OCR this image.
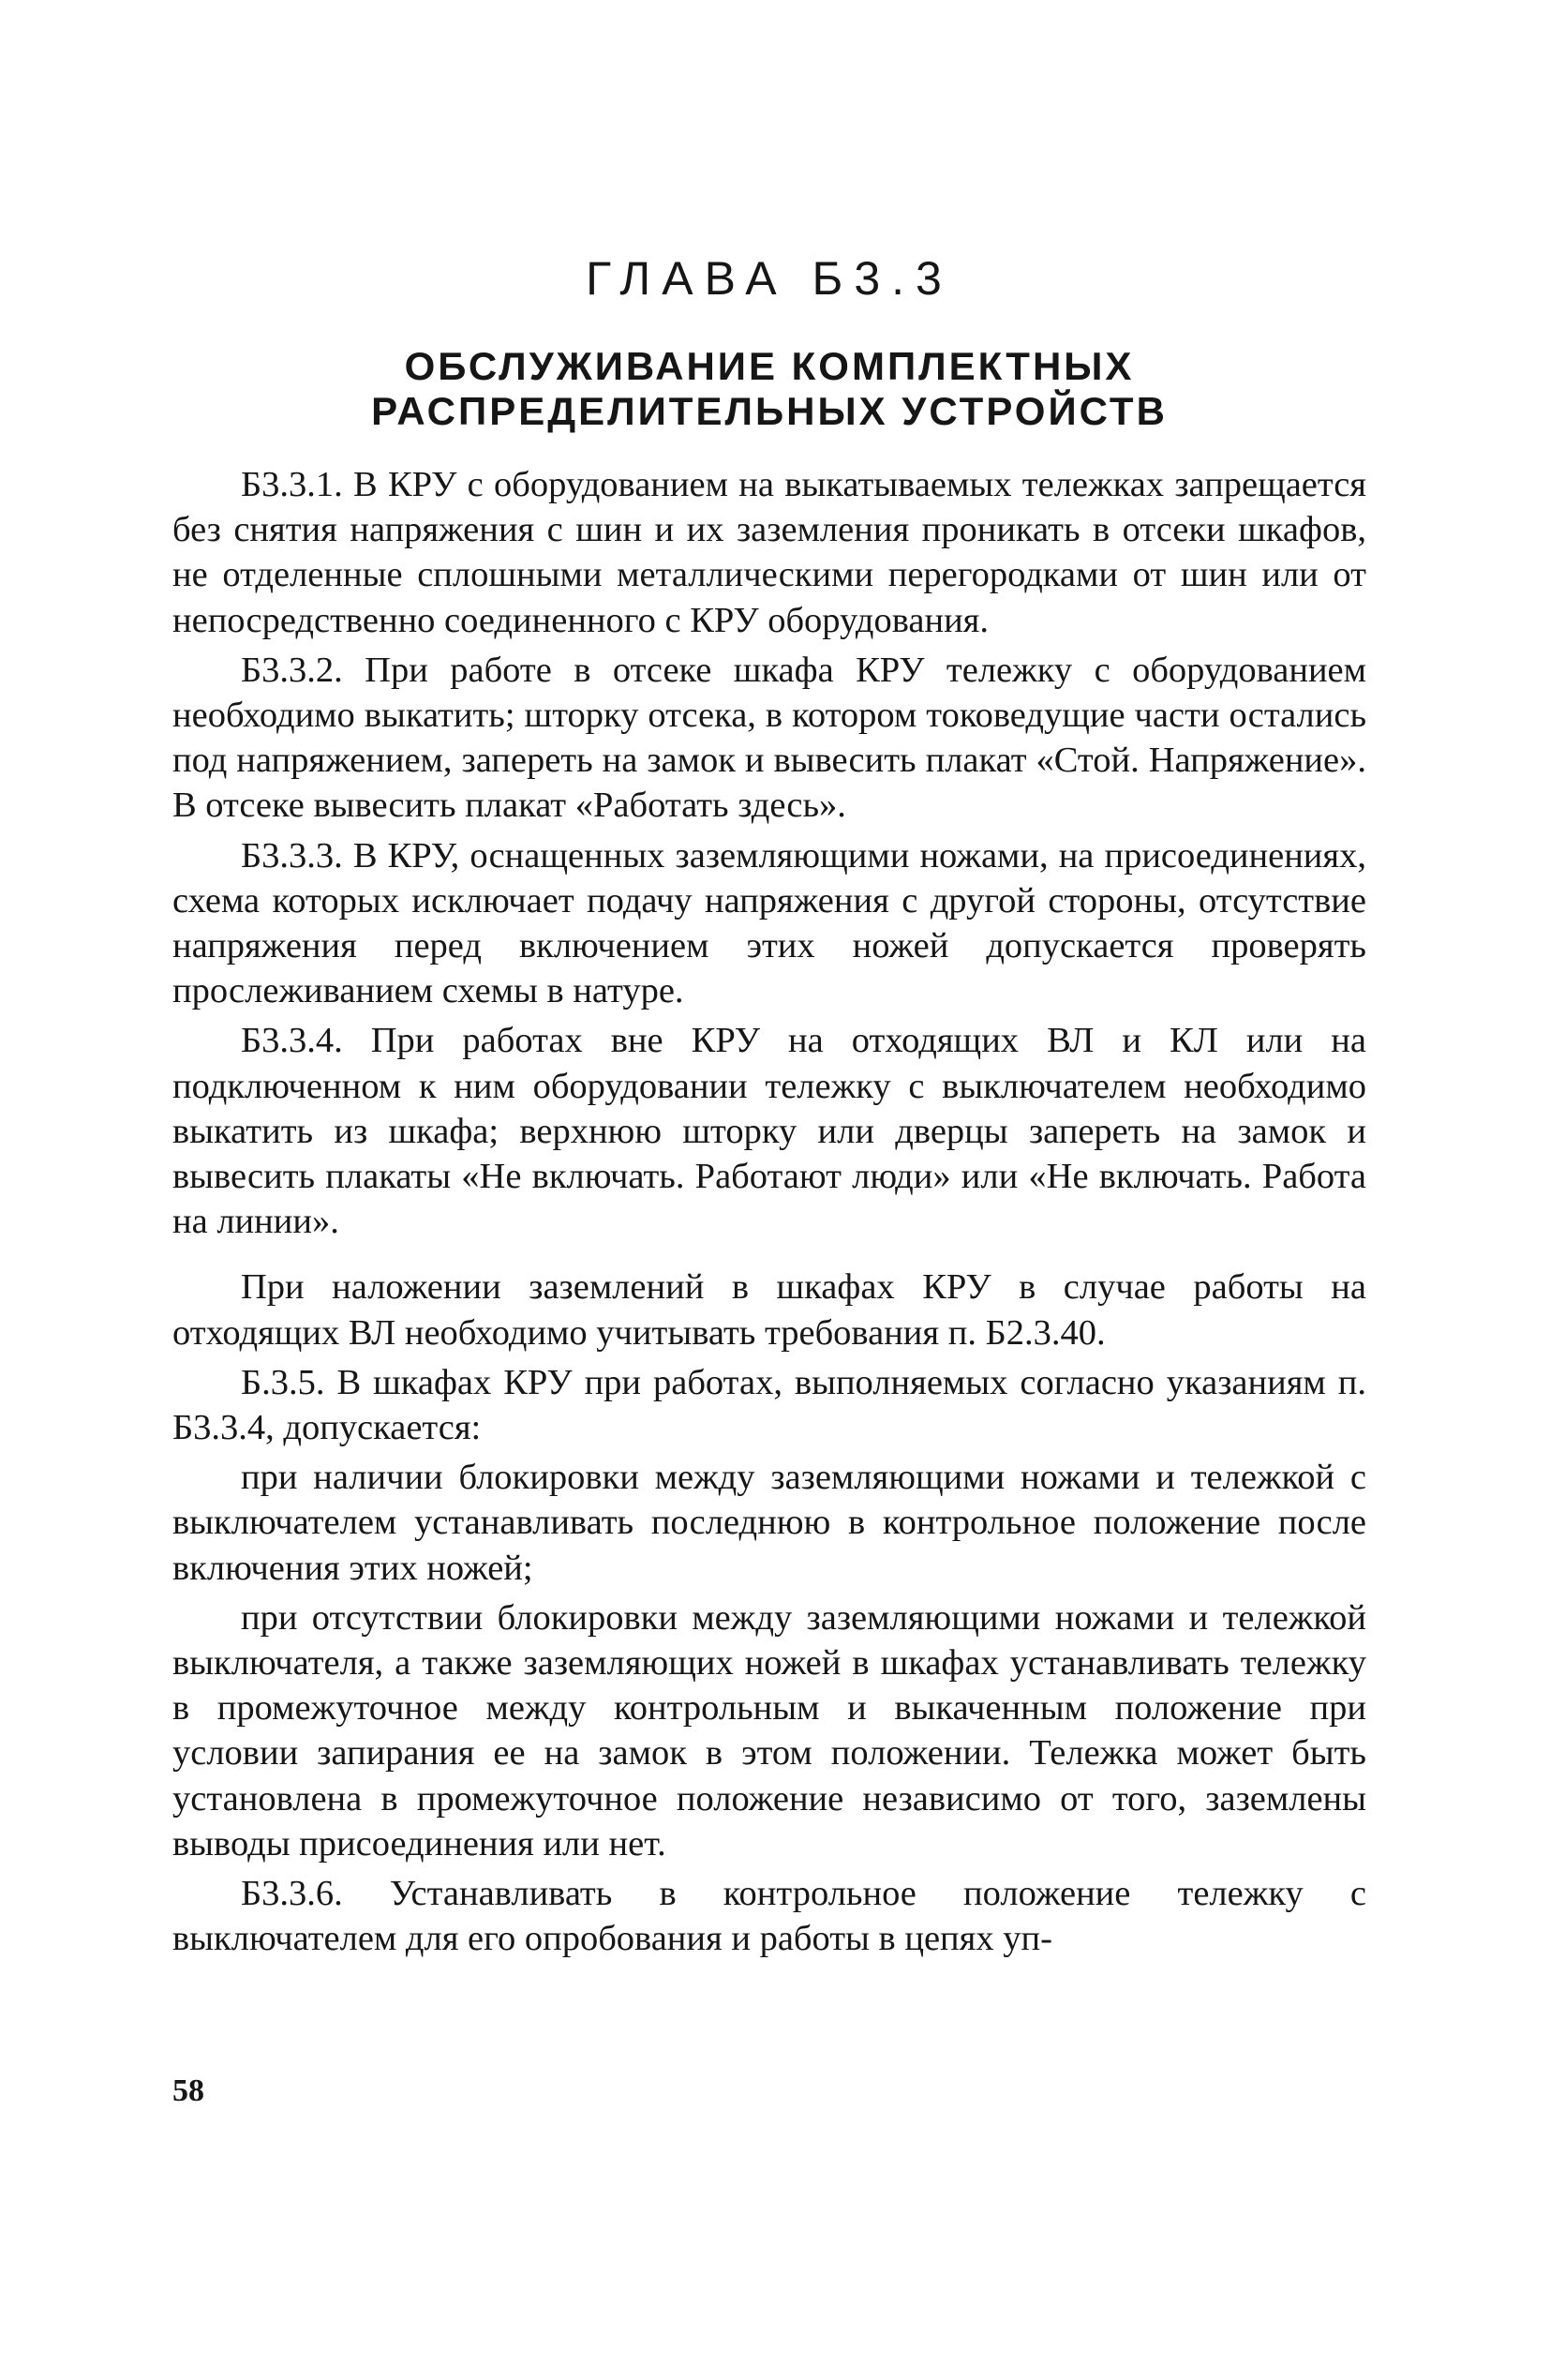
ГЛАВА Б3.3
ОБСЛУЖИВАНИЕ КОМПЛЕКТНЫХ
РАСПРЕДЕЛИТЕЛЬНЫХ УСТРОЙСТВ

Б3.3.1. В КРУ с оборудованием на выкатываемых тележках запрещается без снятия напряжения с шин и их заземления проникать в отсеки шкафов, не отделенные сплошными металлическими перегородками от шин или от непосредственно соединенного с КРУ оборудования.

Б3.3.2. При работе в отсеке шкафа КРУ тележку с оборудованием необходимо выкатить; шторку отсека, в котором токоведущие части остались под напряжением, запереть на замок и вывесить плакат «Стой. Напряжение». В отсеке вывесить плакат «Работать здесь».

Б3.3.3. В КРУ, оснащенных заземляющими ножами, на присоединениях, схема которых исключает подачу напряжения с другой стороны, отсутствие напряжения перед включением этих ножей допускается проверять прослеживанием схемы в натуре.

Б3.3.4. При работах вне КРУ на отходящих ВЛ и КЛ или на подключенном к ним оборудовании тележку с выключателем необходимо выкатить из шкафа; верхнюю шторку или дверцы запереть на замок и вывесить плакаты «Не включать. Работают люди» или «Не включать. Работа на линии».

При наложении заземлений в шкафах КРУ в случае работы на отходящих ВЛ необходимо учитывать требования п. Б2.3.40.

Б.3.5. В шкафах КРУ при работах, выполняемых согласно указаниям п. Б3.3.4, допускается:

при наличии блокировки между заземляющими ножами и тележкой с выключателем устанавливать последнюю в контрольное положение после включения этих ножей;

при отсутствии блокировки между заземляющими ножами и тележкой выключателя, а также заземляющих ножей в шкафах устанавливать тележку в промежуточное между контрольным и выкаченным положение при условии запирания ее на замок в этом положении. Тележка может быть установлена в промежуточное положение независимо от того, заземлены выводы присоединения или нет.

Б3.3.6. Устанавливать в контрольное положение тележку с выключателем для его опробования и работы в цепях уп-

58
